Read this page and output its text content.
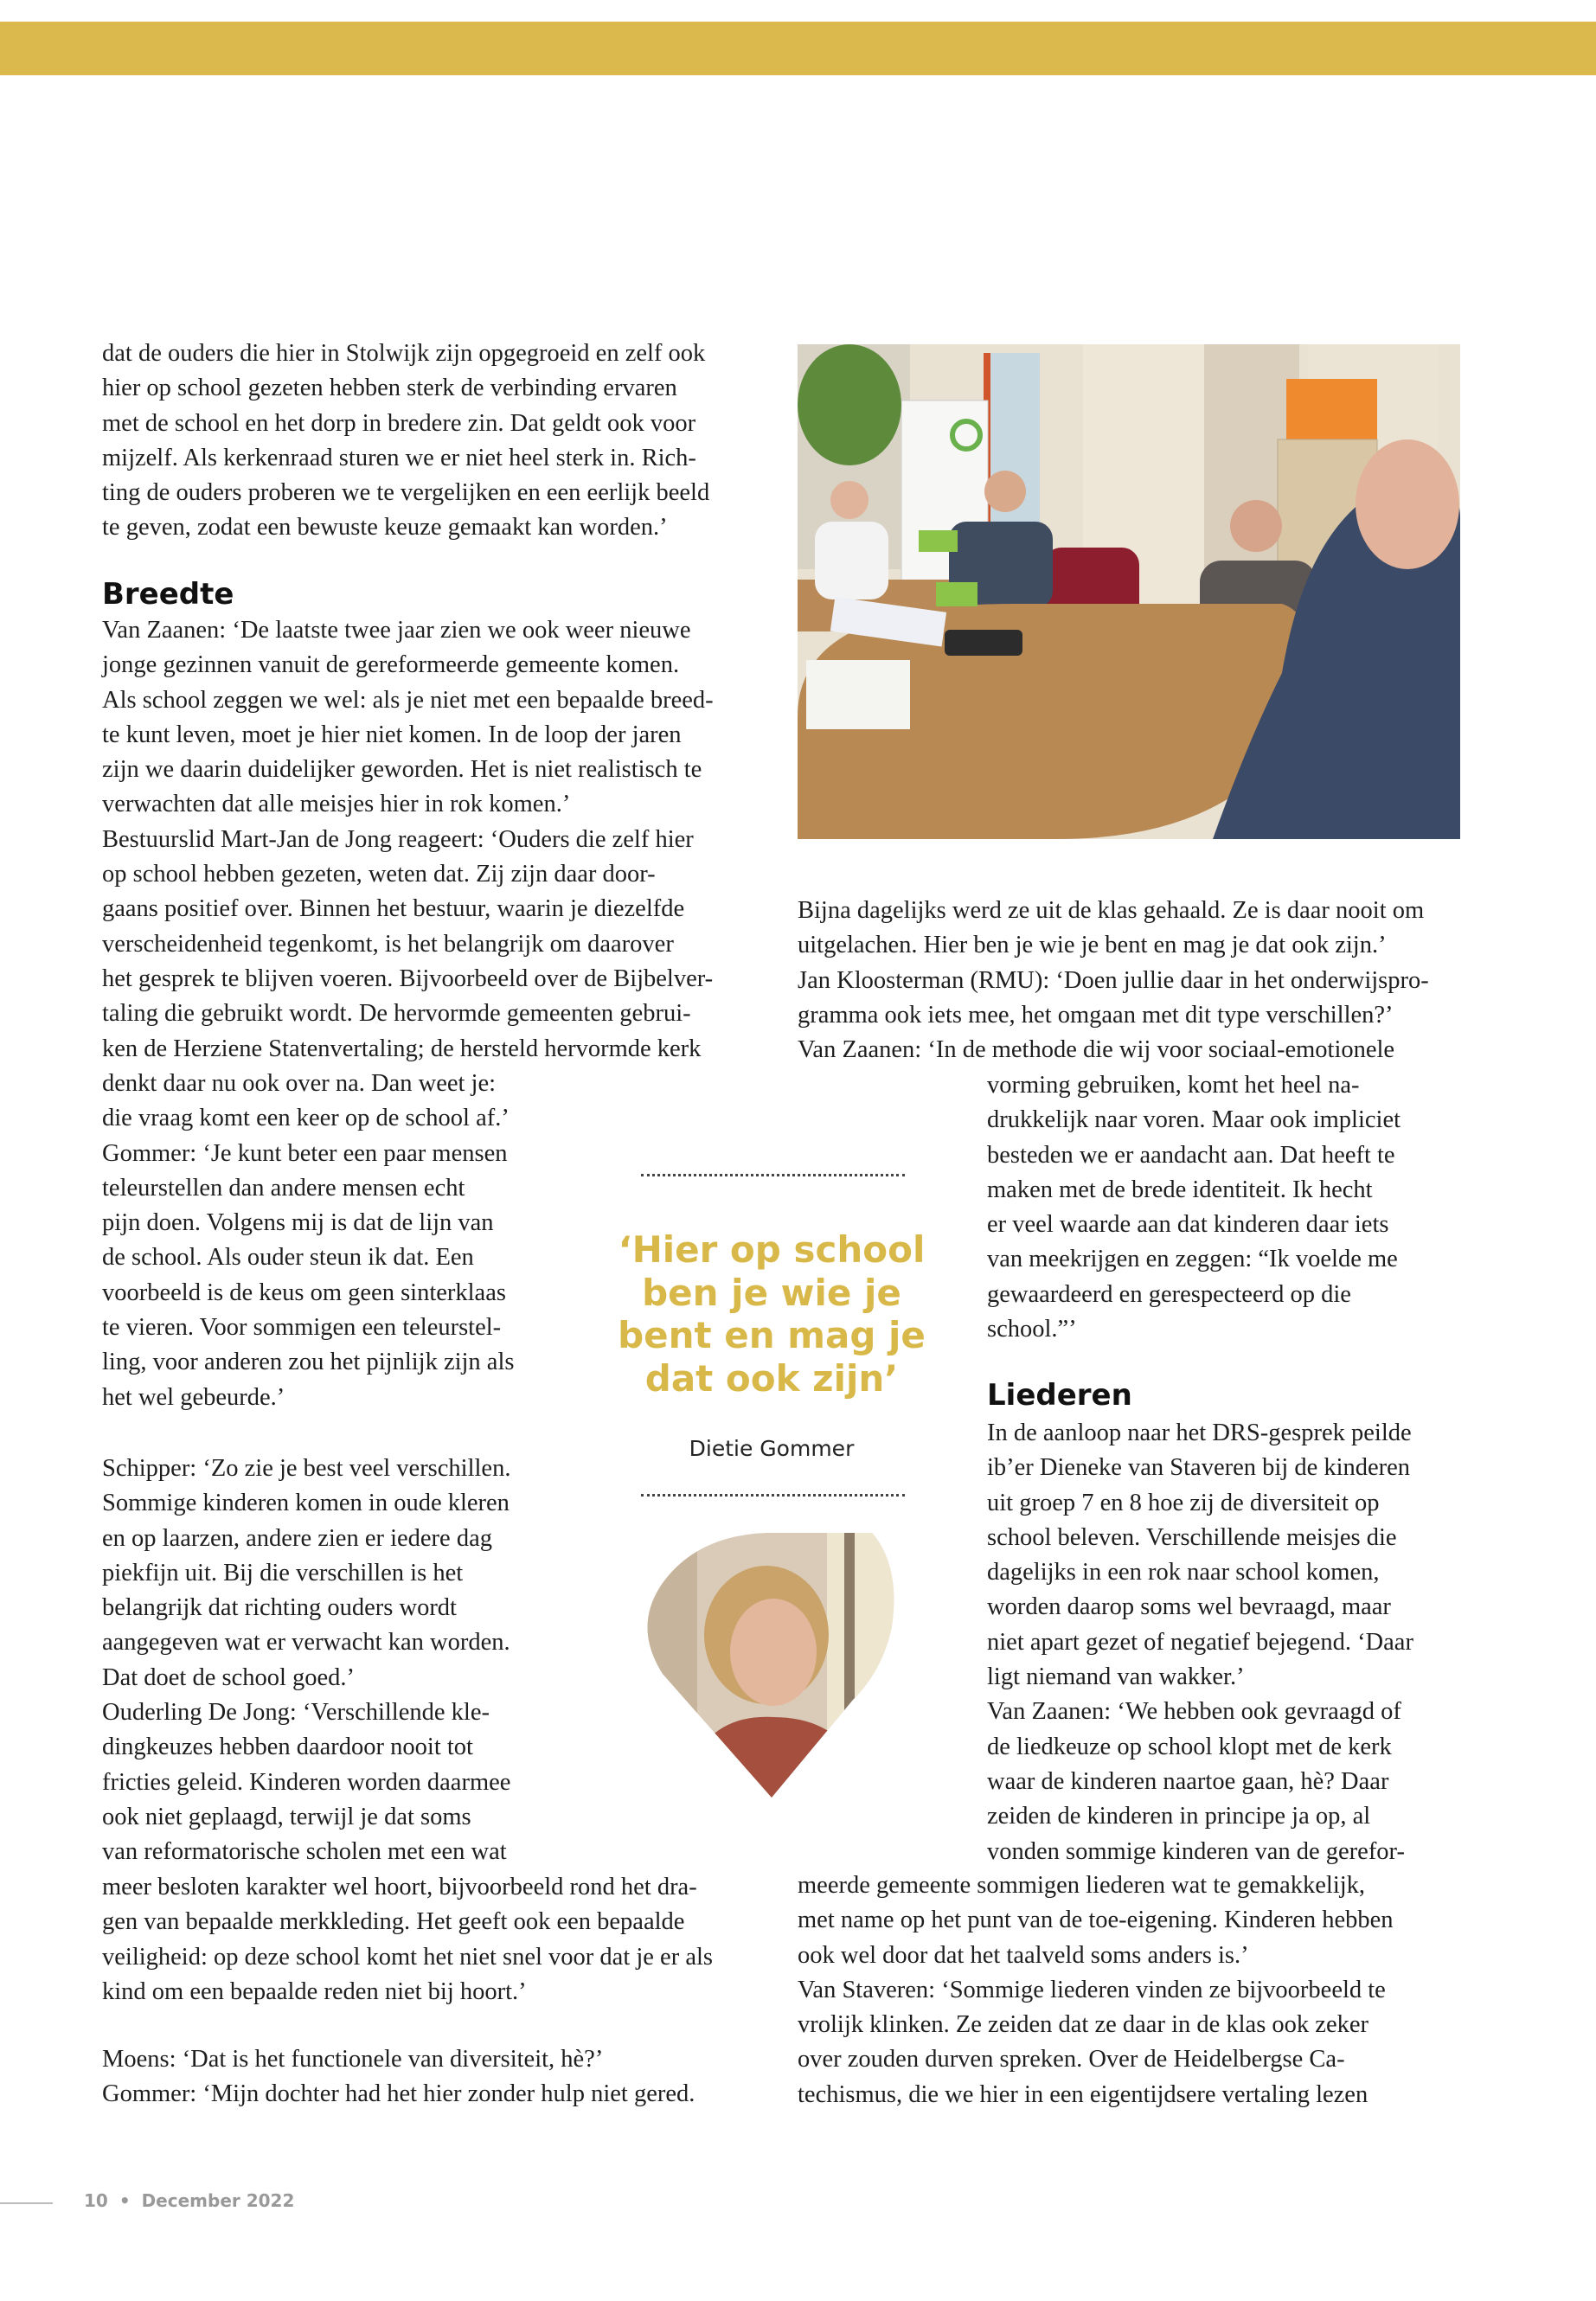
dat de ouders die hier in Stolwijk zijn opgegroeid en zelf ook
hier op school gezeten hebben sterk de verbinding ervaren
met de school en het dorp in bredere zin. Dat geldt ook voor
mijzelf. Als kerkenraad sturen we er niet heel sterk in. Rich-
ting de ouders proberen we te vergelijken en een eerlijk beeld
te geven, zodat een bewuste keuze gemaakt kan worden.’
Breedte
Van Zaanen: ‘De laatste twee jaar zien we ook weer nieuwe
jonge gezinnen vanuit de gereformeerde gemeente komen.
Als school zeggen we wel: als je niet met een bepaalde breed-
te kunt leven, moet je hier niet komen. In de loop der jaren
zijn we daarin duidelijker geworden. Het is niet realistisch te
verwachten dat alle meisjes hier in rok komen.’
Bestuurslid Mart-Jan de Jong reageert: ‘Ouders die zelf hier
op school hebben gezeten, weten dat. Zij zijn daar door-
gaans positief over. Binnen het bestuur, waarin je diezelfde
verscheidenheid tegenkomt, is het belangrijk om daarover
het gesprek te blijven voeren. Bijvoorbeeld over de Bijbelver-
taling die gebruikt wordt. De hervormde gemeenten gebrui-
ken de Herziene Statenvertaling; de hersteld hervormde kerk
denkt daar nu ook over na. Dan weet je:
die vraag komt een keer op de school af.’
Gommer: ‘Je kunt beter een paar mensen
teleurstellen dan andere mensen echt
pijn doen. Volgens mij is dat de lijn van
de school. Als ouder steun ik dat. Een
voorbeeld is de keus om geen sinterklaas
te vieren. Voor sommigen een teleurstel-
ling, voor anderen zou het pijnlijk zijn als
het wel gebeurde.’
Schipper: ‘Zo zie je best veel verschillen.
Sommige kinderen komen in oude kleren
en op laarzen, andere zien er iedere dag
piekfijn uit. Bij die verschillen is het
belangrijk dat richting ouders wordt
aangegeven wat er verwacht kan worden.
Dat doet de school goed.’
Ouderling De Jong: ‘Verschillende kle-
dingkeuzes hebben daardoor nooit tot
fricties geleid. Kinderen worden daarmee
ook niet geplaagd, terwijl je dat soms
van reformatorische scholen met een wat
meer besloten karakter wel hoort, bijvoorbeeld rond het dra-
gen van bepaalde merkkleding. Het geeft ook een bepaalde
veiligheid: op deze school komt het niet snel voor dat je er als
kind om een bepaalde reden niet bij hoort.’
Moens: ‘Dat is het functionele van diversiteit, hè?’
Gommer: ‘Mijn dochter had het hier zonder hulp niet gered.
‘Hier op school ben je wie je bent en mag je dat ook zijn’
Dietie Gommer
Bijna dagelijks werd ze uit de klas gehaald. Ze is daar nooit om
uitgelachen. Hier ben je wie je bent en mag je dat ook zijn.’
Jan Kloosterman (RMU): ‘Doen jullie daar in het onderwijspro-
gramma ook iets mee, het omgaan met dit type verschillen?’
Van Zaanen: ‘In de methode die wij voor sociaal-emotionele
vorming gebruiken, komt het heel na-
drukkelijk naar voren. Maar ook impliciet
besteden we er aandacht aan. Dat heeft te
maken met de brede identiteit. Ik hecht
er veel waarde aan dat kinderen daar iets
van meekrijgen en zeggen: “Ik voelde me
gewaardeerd en gerespecteerd op die
school.”’
Liederen
In de aanloop naar het DRS-gesprek peilde
ib’er Dieneke van Staveren bij de kinderen
uit groep 7 en 8 hoe zij de diversiteit op
school beleven. Verschillende meisjes die
dagelijks in een rok naar school komen,
worden daarop soms wel bevraagd, maar
niet apart gezet of negatief bejegend. ‘Daar
ligt niemand van wakker.’
Van Zaanen: ‘We hebben ook gevraagd of
de liedkeuze op school klopt met de kerk
waar de kinderen naartoe gaan, hè? Daar
zeiden de kinderen in principe ja op, al
vonden sommige kinderen van de gerefor-
meerde gemeente sommigen liederen wat te gemakkelijk,
met name op het punt van de toe-eigening. Kinderen hebben
ook wel door dat het taalveld soms anders is.’
Van Staveren: ‘Sommige liederen vinden ze bijvoorbeeld te
vrolijk klinken. Ze zeiden dat ze daar in de klas ook zeker
over zouden durven spreken. Over de Heidelbergse Ca-
techismus, die we hier in een eigentijdsere vertaling lezen
10 • December 2022
